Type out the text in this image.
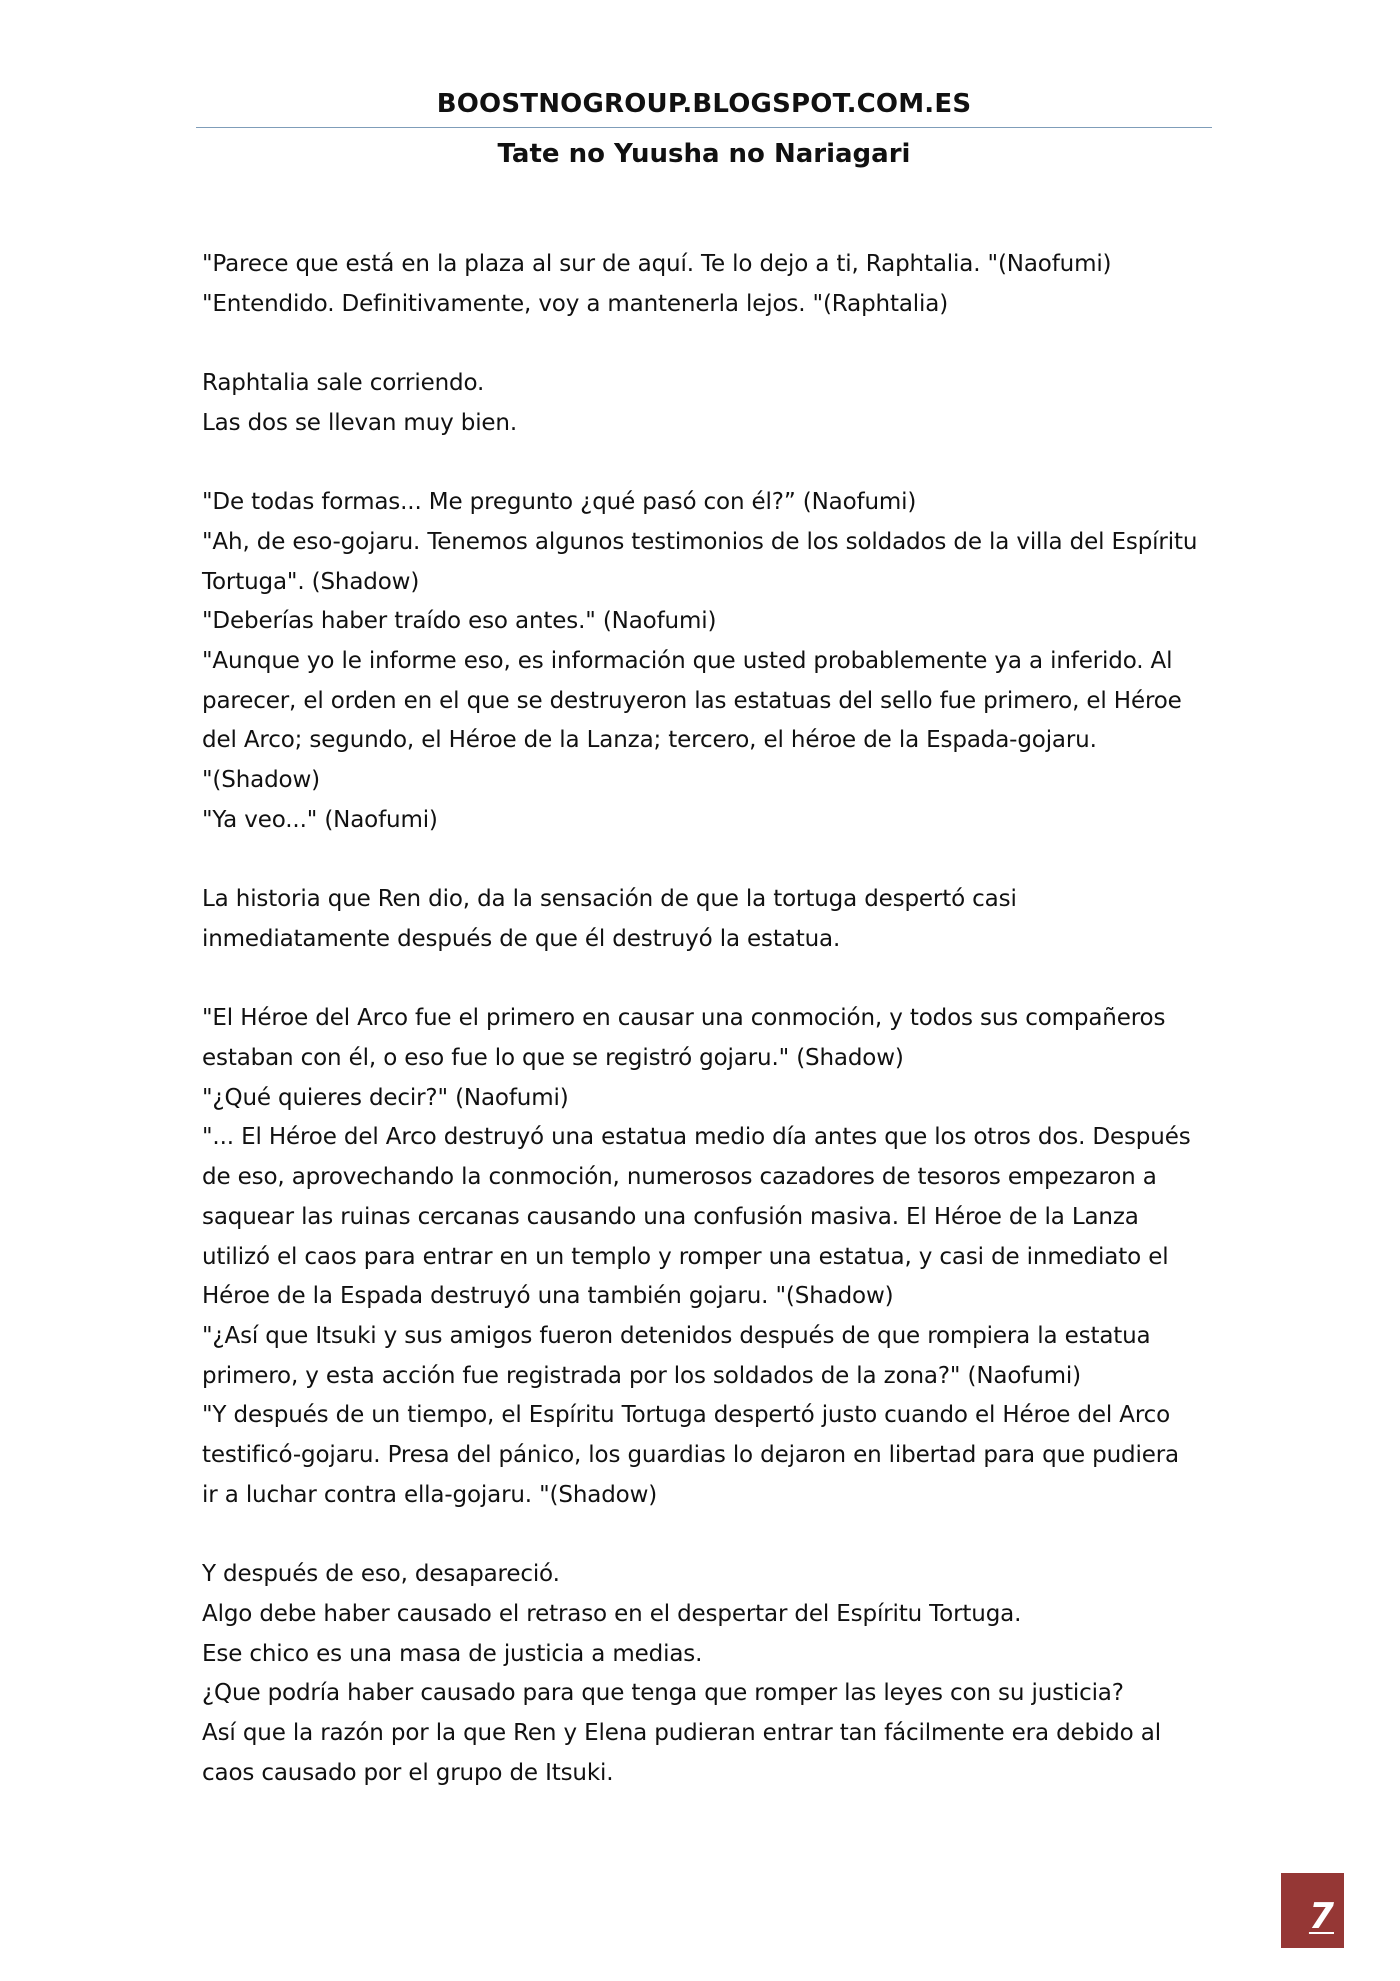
BOOSTNOGROUP.BLOGSPOT.COM.ES
Tate no Yuusha no Nariagari
"Parece que está en la plaza al sur de aquí. Te lo dejo a ti, Raphtalia. "(Naofumi)
"Entendido. Definitivamente, voy a mantenerla lejos. "(Raphtalia)
Raphtalia sale corriendo.
Las dos se llevan muy bien.
"De todas formas... Me pregunto ¿qué pasó con él?” (Naofumi)
"Ah, de eso-gojaru. Tenemos algunos testimonios de los soldados de la villa del Espíritu
Tortuga". (Shadow)
"Deberías haber traído eso antes." (Naofumi)
"Aunque yo le informe eso, es información que usted probablemente ya a inferido. Al
parecer, el orden en el que se destruyeron las estatuas del sello fue primero, el Héroe
del Arco; segundo, el Héroe de la Lanza; tercero, el héroe de la Espada-gojaru.
"(Shadow)
"Ya veo..." (Naofumi)
La historia que Ren dio, da la sensación de que la tortuga despertó casi
inmediatamente después de que él destruyó la estatua.
"El Héroe del Arco fue el primero en causar una conmoción, y todos sus compañeros
estaban con él, o eso fue lo que se registró gojaru." (Shadow)
"¿Qué quieres decir?" (Naofumi)
"... El Héroe del Arco destruyó una estatua medio día antes que los otros dos. Después
de eso, aprovechando la conmoción, numerosos cazadores de tesoros empezaron a
saquear las ruinas cercanas causando una confusión masiva. El Héroe de la Lanza
utilizó el caos para entrar en un templo y romper una estatua, y casi de inmediato el
Héroe de la Espada destruyó una también gojaru. "(Shadow)
"¿Así que Itsuki y sus amigos fueron detenidos después de que rompiera la estatua
primero, y esta acción fue registrada por los soldados de la zona?" (Naofumi)
"Y después de un tiempo, el Espíritu Tortuga despertó justo cuando el Héroe del Arco
testificó-gojaru. Presa del pánico, los guardias lo dejaron en libertad para que pudiera
ir a luchar contra ella-gojaru. "(Shadow)
Y después de eso, desapareció.
Algo debe haber causado el retraso en el despertar del Espíritu Tortuga.
Ese chico es una masa de justicia a medias.
¿Que podría haber causado para que tenga que romper las leyes con su justicia?
Así que la razón por la que Ren y Elena pudieran entrar tan fácilmente era debido al
caos causado por el grupo de Itsuki.
7
